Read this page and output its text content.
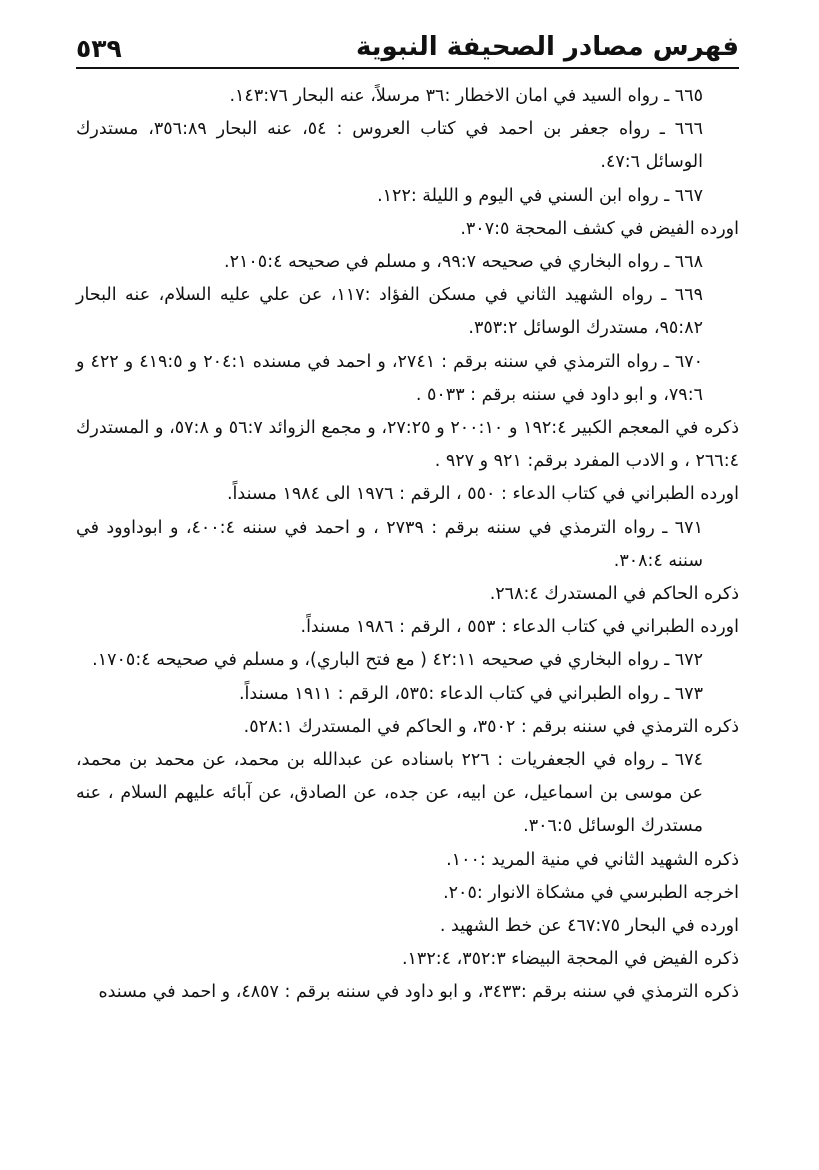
٥٣٩	فهرس مصادر الصحيفة النبوية

٦٦٥ ـ رواه السيد في امان الاخطار :٣٦ مرسلاً، عنه البحار ١٤٣:٧٦.

٦٦٦ ـ رواه جعفر بن احمد في كتاب العروس : ٥٤، عنه البحار ٣٥٦:٨٩، مستدرك الوسائل ٤٧:٦.

٦٦٧ ـ رواه ابن السني في اليوم و الليلة :١٢٢.

اورده الفيض في كشف المحجة ٣٠٧:٥.

٦٦٨ ـ رواه البخاري في صحيحه ٩٩:٧، و مسلم في صحيحه ٢١٠٥:٤.

٦٦٩ ـ رواه الشهيد الثاني في مسكن الفؤاد :١١٧، عن علي عليه السلام، عنه البحار ٩٥:٨٢، مستدرك الوسائل ٣٥٣:٢.

٦٧٠ ـ رواه الترمذي في سننه برقم : ٢٧٤١، و احمد في مسنده ٢٠٤:١ و ٤١٩:٥ و ٤٢٢ و ٧٩:٦، و ابو داود في سننه برقم : ٥٠٣٣ .

ذكره في المعجم الكبير ١٩٢:٤ و ٢٠٠:١٠ و ٢٧:٢٥، و مجمع الزوائد ٥٦:٧ و ٥٧:٨، و المستدرك ٢٦٦:٤ ، و الادب المفرد برقم: ٩٢١ و ٩٢٧ .

اورده الطبراني في كتاب الدعاء : ٥٥٠ ، الرقم : ١٩٧٦ الى ١٩٨٤ مسنداً.

٦٧١ ـ رواه الترمذي في سننه برقم : ٢٧٣٩ ، و احمد في سننه ٤٠٠:٤، و ابوداوود في سننه ٣٠٨:٤.

ذكره الحاكم في المستدرك ٢٦٨:٤.

اورده الطبراني في كتاب الدعاء : ٥٥٣ ، الرقم : ١٩٨٦ مسنداً.

٦٧٢ ـ رواه البخاري في صحيحه ٤٢:١١ ( مع فتح الباري)، و مسلم في صحيحه ١٧٠٥:٤.

٦٧٣ ـ رواه الطبراني في كتاب الدعاء :٥٣٥، الرقم : ١٩١١ مسنداً.

ذكره الترمذي في سننه برقم : ٣٥٠٢، و الحاكم في المستدرك ٥٢٨:١.

٦٧٤ ـ رواه في الجعفريات : ٢٢٦ باسناده عن عبدالله بن محمد، عن محمد بن محمد، عن موسى بن اسماعيل، عن ابيه، عن جده، عن الصادق، عن آبائه عليهم السلام ، عنه مستدرك الوسائل ٣٠٦:٥.

ذكره الشهيد الثاني في منية المريد :١٠٠.

اخرجه الطبرسي في مشكاة الانوار :٢٠٥.

اورده في البحار ٤٦٧:٧٥ عن خط الشهيد .

ذكره الفيض في المحجة البيضاء ٣٥٢:٣، ١٣٢:٤.

ذكره الترمذي في سننه برقم :٣٤٣٣، و ابو داود في سننه برقم : ٤٨٥٧، و احمد في مسنده
